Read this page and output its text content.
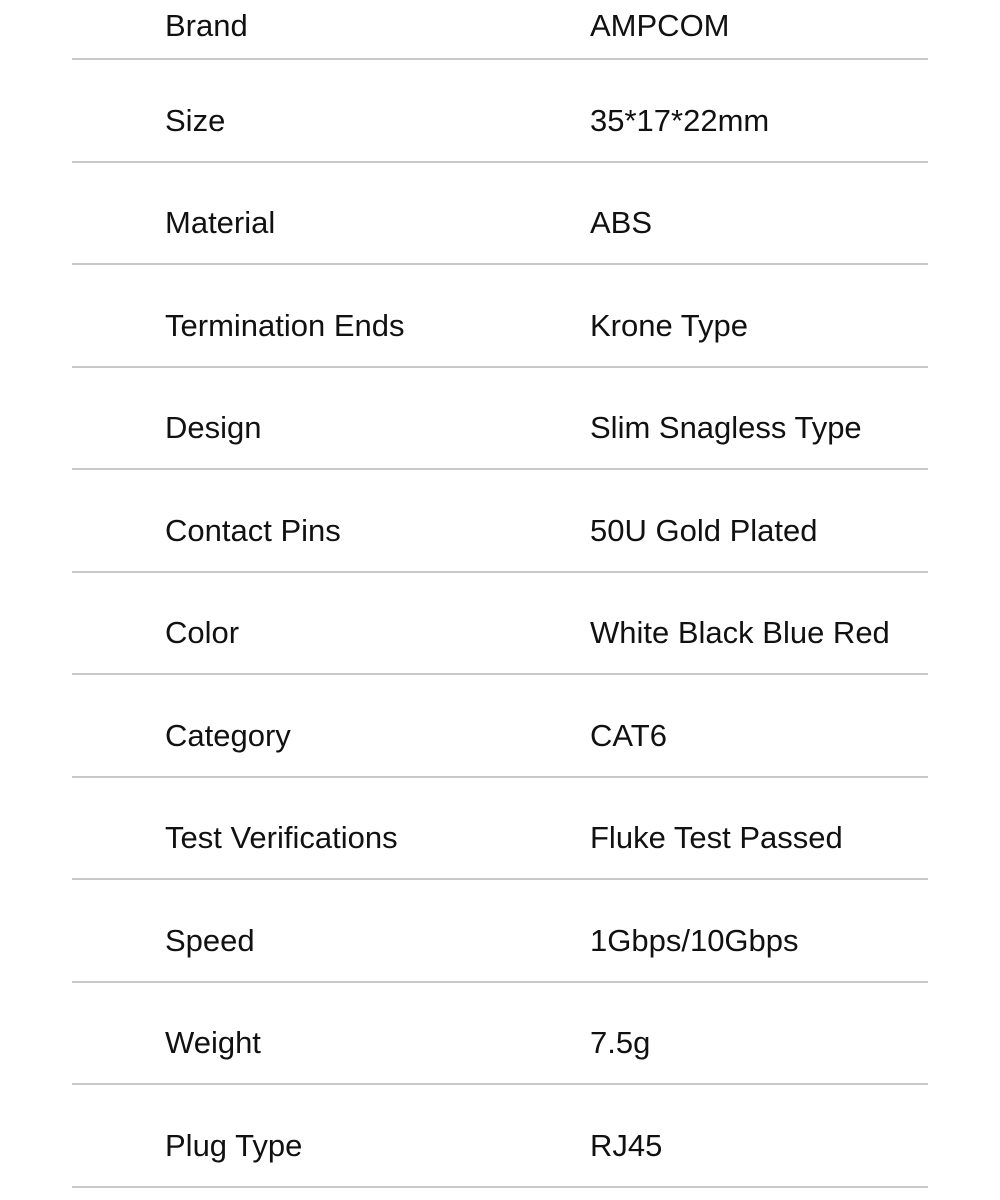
Brand	AMPCOM
Size	35*17*22mm
Material	ABS
Termination Ends	Krone Type
Design	Slim Snagless Type
Contact Pins	50U Gold Plated
Color	White Black Blue Red
Category	CAT6
Test Verifications	Fluke Test Passed
Speed	1Gbps/10Gbps
Weight	7.5g
Plug Type	RJ45
